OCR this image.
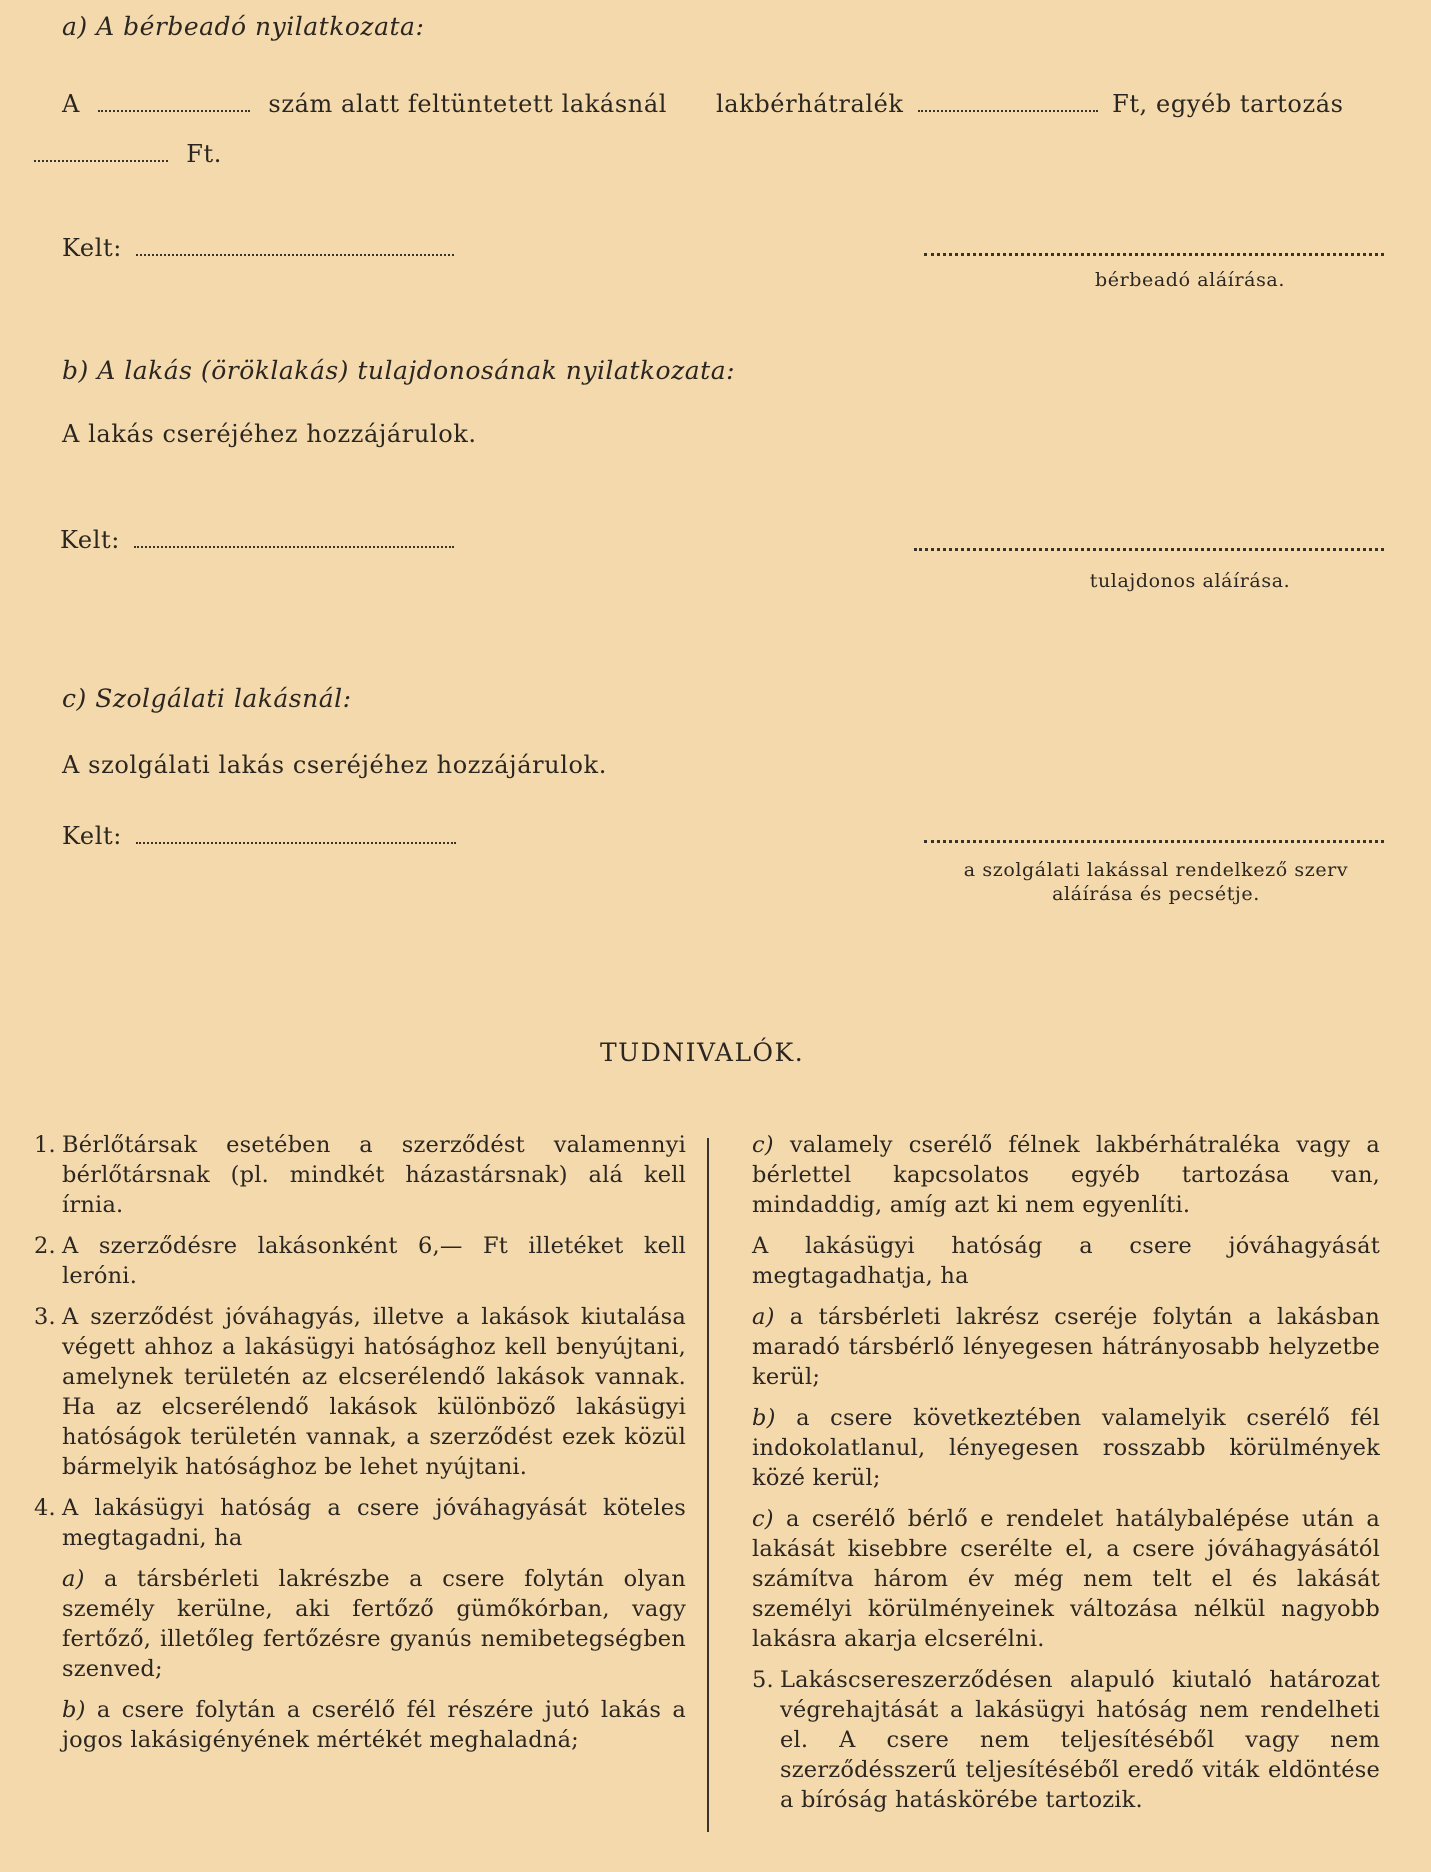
a) A bérbeadó nyilatkozata:
A	szám alatt feltüntetett lakásnál lakbérhátralék	Ft, egyéb tartozás
Ft.
Kelt:
bérbeadó aláírása.
b) A lakás (öröklakás) tulajdonosának nyilatkozata:
A lakás cseréjéhez hozzájárulok.
Kelt:
tulajdonos aláírása.
c) Szolgálati lakásnál:
A szolgálati lakás cseréjéhez hozzájárulok.
Kelt:
a szolgálati lakással rendelkező szerv
aláírása és pecsétje.
TUDNIVALÓK.
1. Bérlőtársak esetében a szerződést valamennyi bérlőtársnak (pl. mindkét házastársnak) alá kell írnia.
2. A szerződésre lakásonként 6,— Ft illetéket kell leróni.
3. A szerződést jóváhagyás, illetve a lakások kiutalása végett ahhoz a lakásügyi hatósághoz kell benyújtani, amelynek területén az elcserélendő lakások vannak. Ha az elcserélendő lakások különböző lakásügyi hatóságok területén vannak, a szerződést ezek közül bármelyik hatósághoz be lehet nyújtani.
4. A lakásügyi hatóság a csere jóváhagyását köteles megtagadni, ha
a) a társbérleti lakrészbe a csere folytán olyan személy kerülne, aki fertőző gümőkórban, vagy fertőző, illetőleg fertőzésre gyanús nemibetegségben szenved;
b) a csere folytán a cserélő fél részére jutó lakás a jogos lakásigényének mértékét meghaladná;
c) valamely cserélő félnek lakbérhátraléka vagy a bérlettel kapcsolatos egyéb tartozása van, mindaddig, amíg azt ki nem egyenlíti.
A lakásügyi hatóság a csere jóváhagyását megtagadhatja, ha
a) a társbérleti lakrész cseréje folytán a lakásban maradó társbérlő lényegesen hátrányosabb helyzetbe kerül;
b) a csere következtében valamelyik cserélő fél indokolatlanul, lényegesen rosszabb körülmények közé kerül;
c) a cserélő bérlő e rendelet hatálybalépése után a lakását kisebbre cserélte el, a csere jóváhagyásától számítva három év még nem telt el és lakását személyi körülményeinek változása nélkül nagyobb lakásra akarja elcserélni.
5. Lakáscsereszerződésen alapuló kiutaló határozat végrehajtását a lakásügyi hatóság nem rendelheti el. A csere nem teljesítéséből vagy nem szerződésszerű teljesítéséből eredő viták eldöntése a bíróság hatáskörébe tartozik.
